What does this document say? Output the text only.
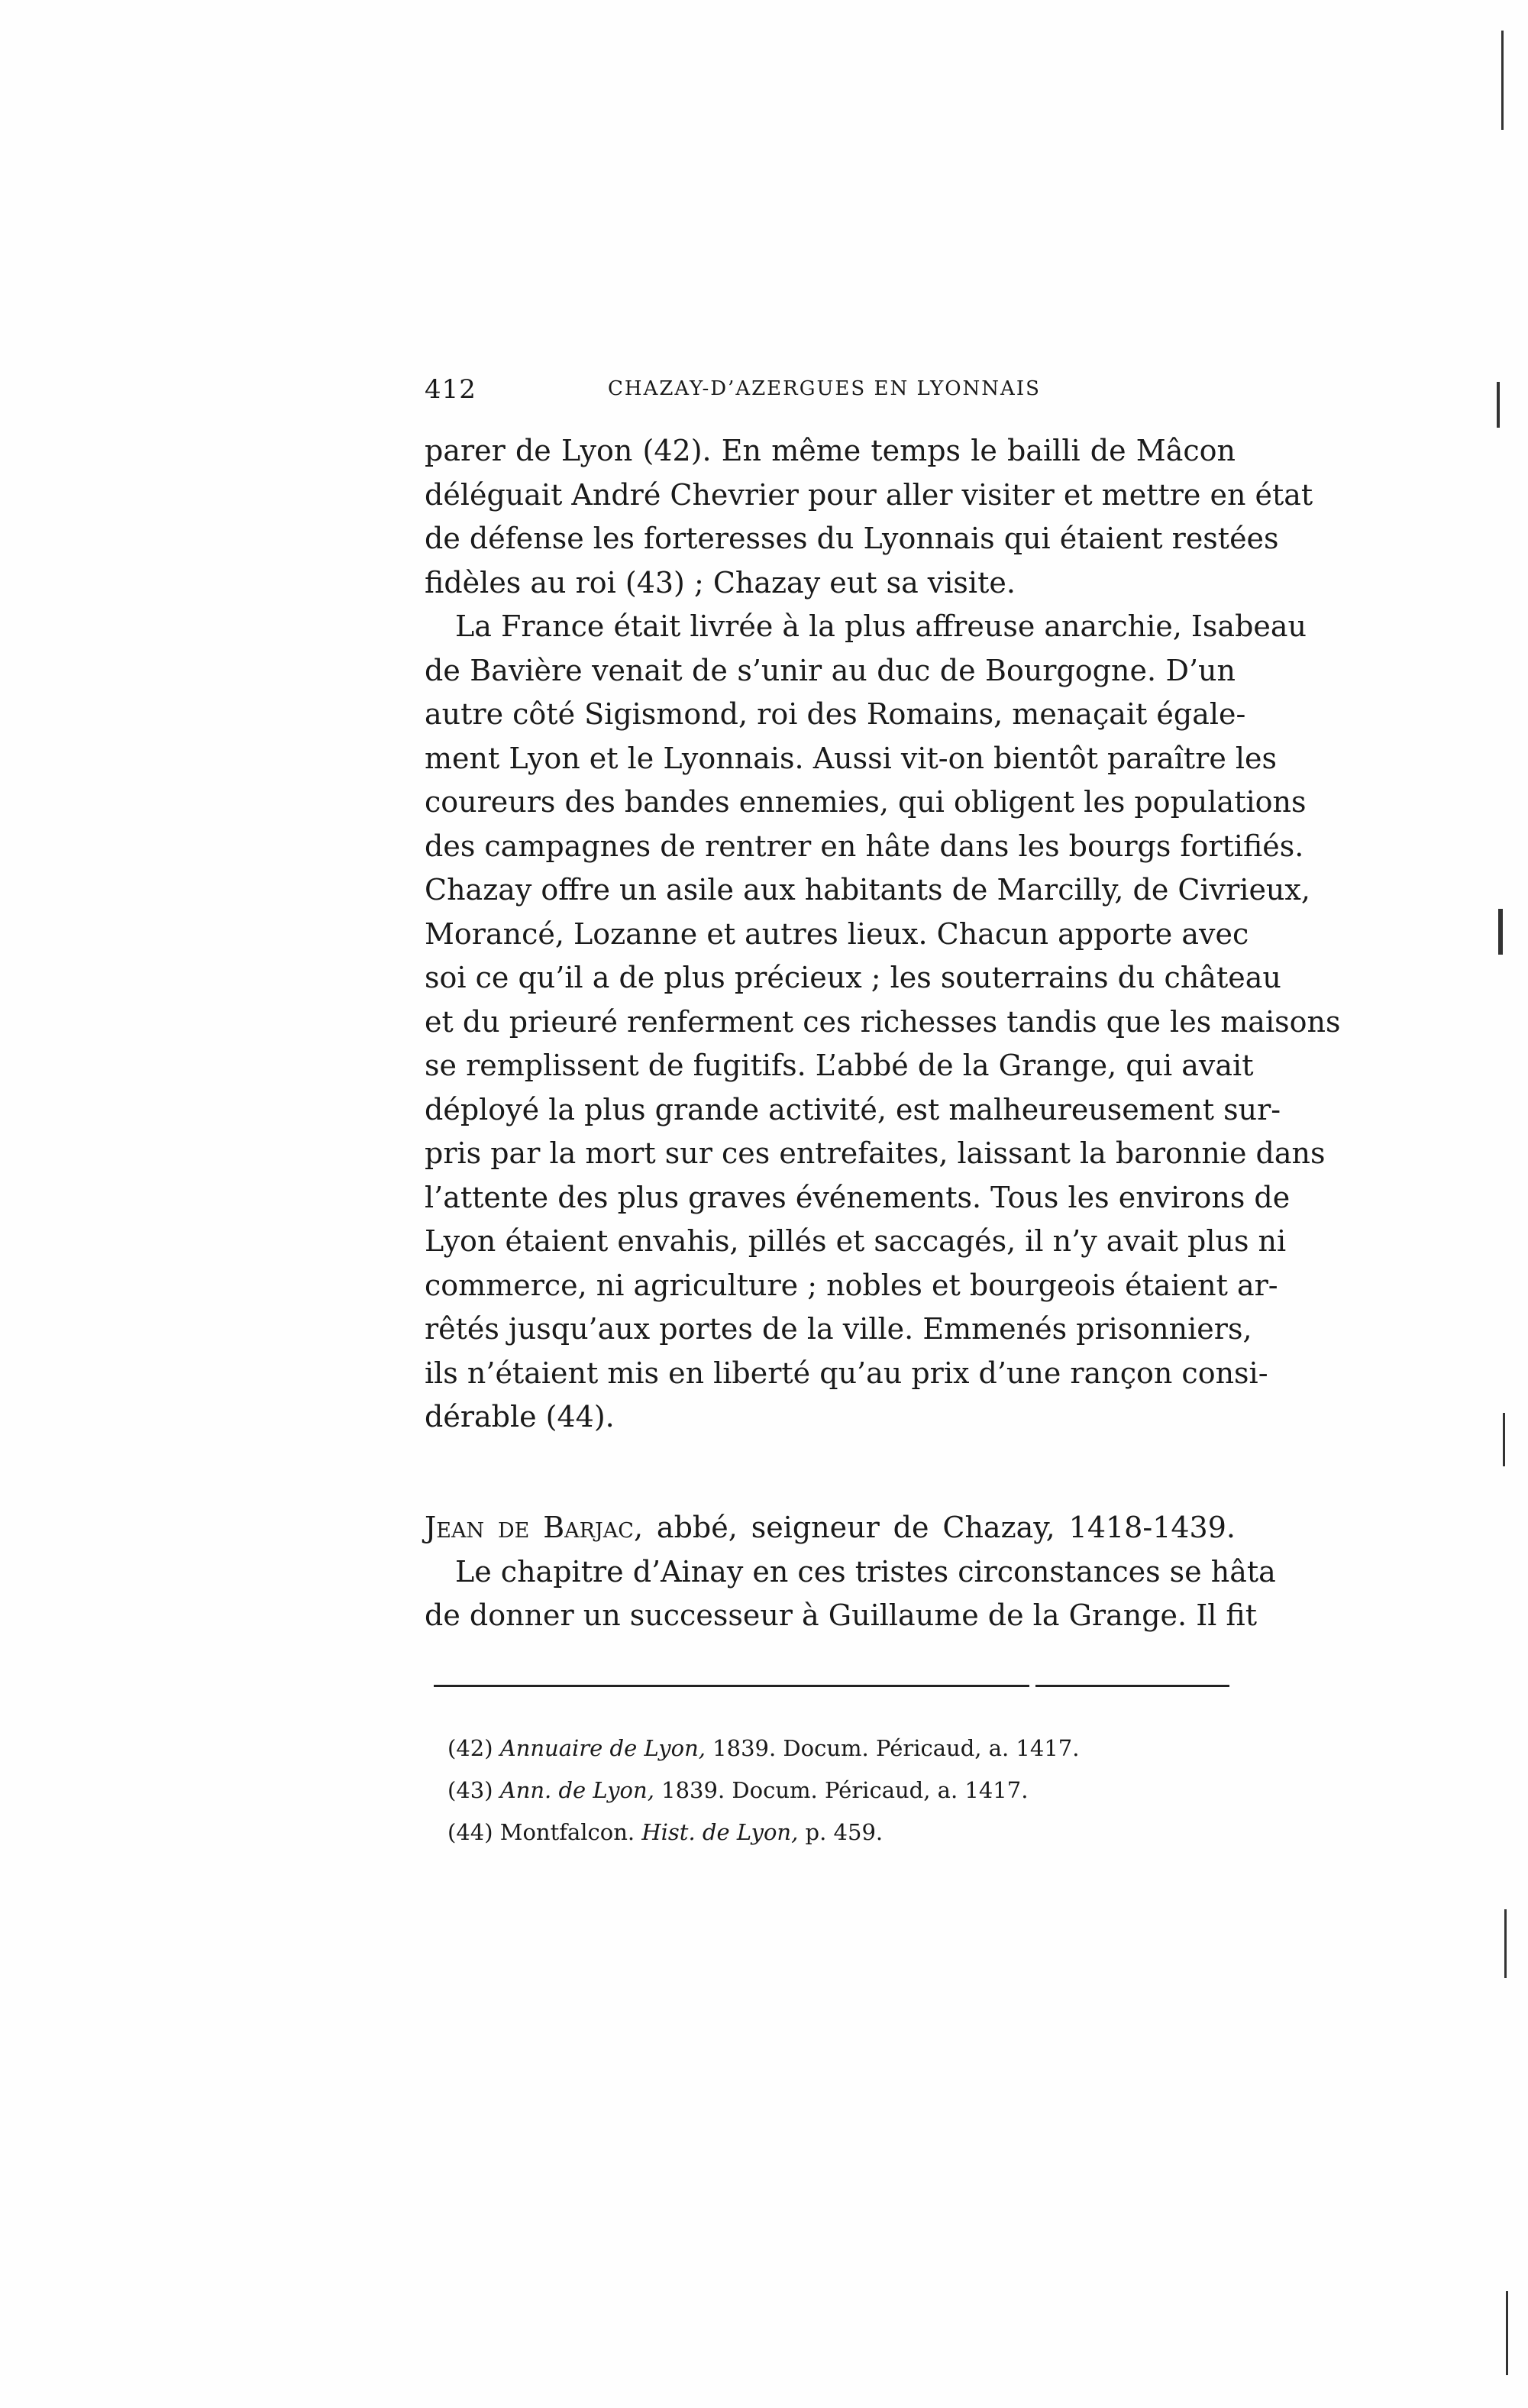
412	CHAZAY-D’AZERGUES EN LYONNAIS
parer de Lyon (42). En même temps le bailli de Mâcon
déléguait André Chevrier pour aller visiter et mettre en état
de défense les forteresses du Lyonnais qui étaient restées
fidèles au roi (43) ; Chazay eut sa visite.
La France était livrée à la plus affreuse anarchie, Isabeau
de Bavière venait de s’unir au duc de Bourgogne. D’un
autre côté Sigismond, roi des Romains, menaçait égale-
ment Lyon et le Lyonnais. Aussi vit-on bientôt paraître les
coureurs des bandes ennemies, qui obligent les populations
des campagnes de rentrer en hâte dans les bourgs fortifiés.
Chazay offre un asile aux habitants de Marcilly, de Civrieux,
Morancé, Lozanne et autres lieux. Chacun apporte avec
soi ce qu’il a de plus précieux ; les souterrains du château
et du prieuré renferment ces richesses tandis que les maisons
se remplissent de fugitifs. L’abbé de la Grange, qui avait
déployé la plus grande activité, est malheureusement sur-
pris par la mort sur ces entrefaites, laissant la baronnie dans
l’attente des plus graves événements. Tous les environs de
Lyon étaient envahis, pillés et saccagés, il n’y avait plus ni
commerce, ni agriculture ; nobles et bourgeois étaient ar-
rêtés jusqu’aux portes de la ville. Emmenés prisonniers,
ils n’étaient mis en liberté qu’au prix d’une rançon consi-
dérable (44).
Jean de Barjac, abbé, seigneur de Chazay, 1418-1439.
Le chapitre d’Ainay en ces tristes circonstances se hâta
de donner un successeur à Guillaume de la Grange. Il fit
(42) Annuaire de Lyon, 1839. Docum. Péricaud, a. 1417.
(43) Ann. de Lyon, 1839. Docum. Péricaud, a. 1417.
(44) Montfalcon. Hist. de Lyon, p. 459.
